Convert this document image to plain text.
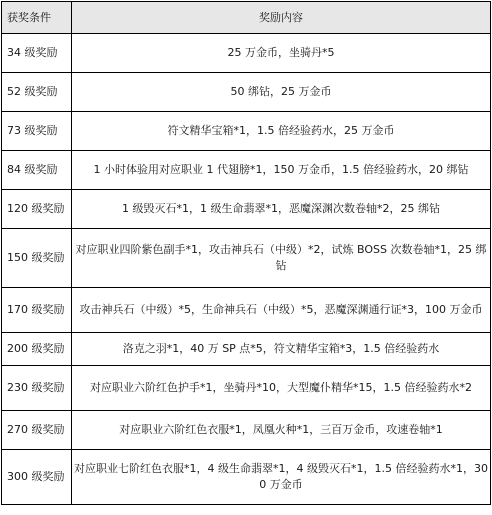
获奖条件	奖励内容
34 级奖励	25 万金币，坐骑丹*5
52 级奖励	50 绑钻，25 万金币
73 级奖励	符文精华宝箱*1，1.5 倍经验药水，25 万金币
84 级奖励	1 小时体验用对应职业 1 代翅膀*1，150 万金币，1.5 倍经验药水，20 绑钻
120 级奖励	1 级毁灭石*1，1 级生命翡翠*1，恶魔深渊次数卷轴*2，25 绑钻
150 级奖励	对应职业四阶紫色副手*1，攻击神兵石（中级）*2，试炼 BOSS 次数卷轴*1，25 绑钻
170 级奖励	攻击神兵石（中级）*5，生命神兵石（中级）*5，恶魔深渊通行证*3，100 万金币
200 级奖励	洛克之羽*1，40 万 SP 点*5，符文精华宝箱*3，1.5 倍经验药水
230 级奖励	对应职业六阶红色护手*1，坐骑丹*10，大型魔仆精华*15，1.5 倍经验药水*2
270 级奖励	对应职业六阶红色衣服*1，凤凰火种*1，三百万金币，攻速卷轴*1
300 级奖励	对应职业七阶红色衣服*1，4 级生命翡翠*1，4 级毁灭石*1，1.5 倍经验药水*1，300 万金币
